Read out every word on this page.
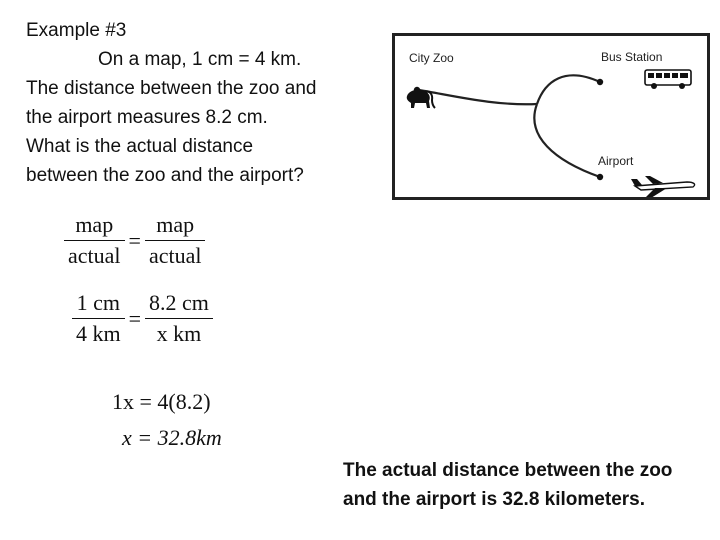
Example #3
On a map, 1 cm = 4 km.
The distance between the zoo and
the airport measures 8.2 cm.
What is the actual distance
between the zoo and the airport?
City Zoo	Bus Station
Airport
$\frac{\text{map}}{\text{actual}} = \frac{\text{map}}{\text{actual}}$
$\frac{1 cm}{4 km} = \frac{8.2 cm}{\text{x km}}$
1x = 4(8.2)
x = 32.8km
The actual distance between the zoo and the airport is 32.8 kilometers.
